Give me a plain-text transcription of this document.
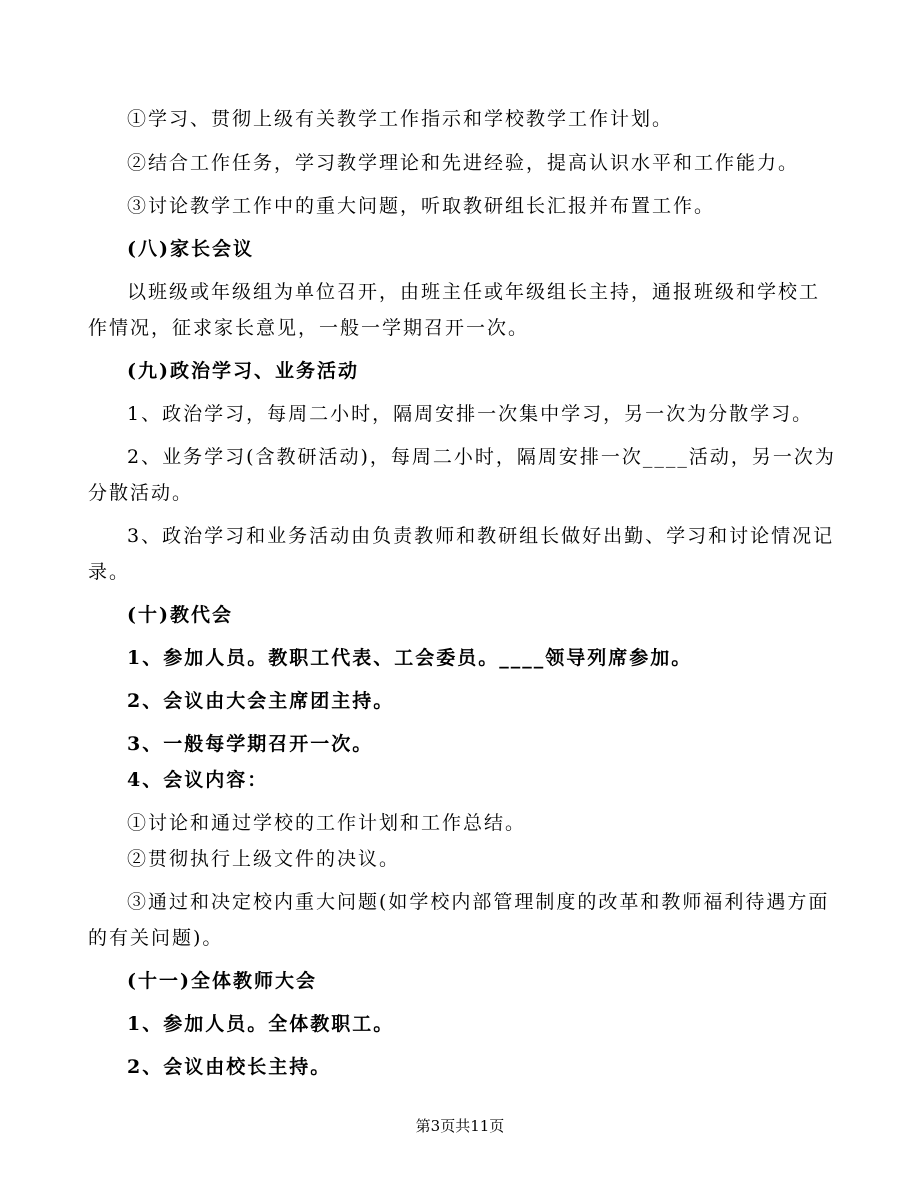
①学习、贯彻上级有关教学工作指示和学校教学工作计划。

②结合工作任务，学习教学理论和先进经验，提高认识水平和工作能力。

③讨论教学工作中的重大问题，听取教研组长汇报并布置工作。

(八)家长会议

以班级或年级组为单位召开，由班主任或年级组长主持，通报班级和学校工

作情况，征求家长意见，一般一学期召开一次。

(九)政治学习、业务活动

1、政治学习，每周二小时，隔周安排一次集中学习，另一次为分散学习。

2、业务学习(含教研活动)，每周二小时，隔周安排一次____活动，另一次为

分散活动。

3、政治学习和业务活动由负责教师和教研组长做好出勤、学习和讨论情况记

录。

(十)教代会

1、参加人员。教职工代表、工会委员。____领导列席参加。

2、会议由大会主席团主持。

3、一般每学期召开一次。

4、会议内容：

①讨论和通过学校的工作计划和工作总结。

②贯彻执行上级文件的决议。

③通过和决定校内重大问题(如学校内部管理制度的改革和教师福利待遇方面

的有关问题)。

(十一)全体教师大会

1、参加人员。全体教职工。

2、会议由校长主持。

第3页共11页
